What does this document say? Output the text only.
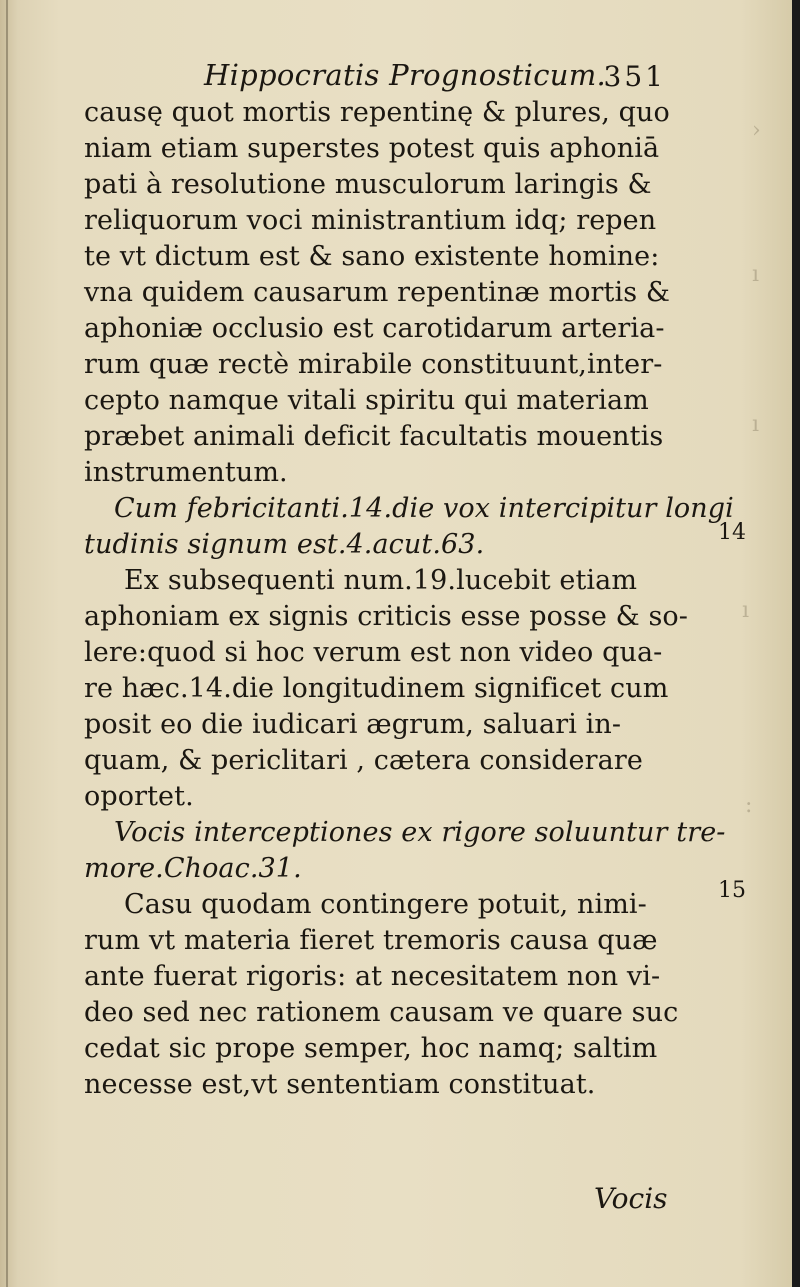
›
ı
ı
ı
:
Hippocratis Prognosticum.
351
causę quot mortis repentinę & plures, quo
niam etiam superstes potest quis aphoniā
pati à resolutione musculorum laringis &
reliquorum voci ministrantium idq; repen
te vt dictum est & sano existente homine:
vna quidem causarum repentinæ mortis &
aphoniæ occlusio est carotidarum arteria-
rum quæ rectè mirabile constituunt,inter-
cepto namque vitali spiritu qui materiam
præbet animali deficit facultatis mouentis
instrumentum.
Cum febricitanti.14.die vox intercipitur longi
tudinis signum est.4.acut.63.
Ex subsequenti num.19.lucebit etiam
aphoniam ex signis criticis esse posse & so-
lere:quod si hoc verum est non video qua-
re hæc.14.die longitudinem significet cum
posit eo die iudicari ægrum, saluari in-
quam, & periclitari , cætera considerare
oportet.
Vocis interceptiones ex rigore soluuntur tre-
more.Choac.31.
Casu quodam contingere potuit, nimi-
rum vt materia fieret tremoris causa quæ
ante fuerat rigoris: at necesitatem non vi-
deo sed nec rationem causam ve quare suc
cedat sic prope semper, hoc namq; saltim
necesse est,vt sententiam constituat.
Vocis
14
15
